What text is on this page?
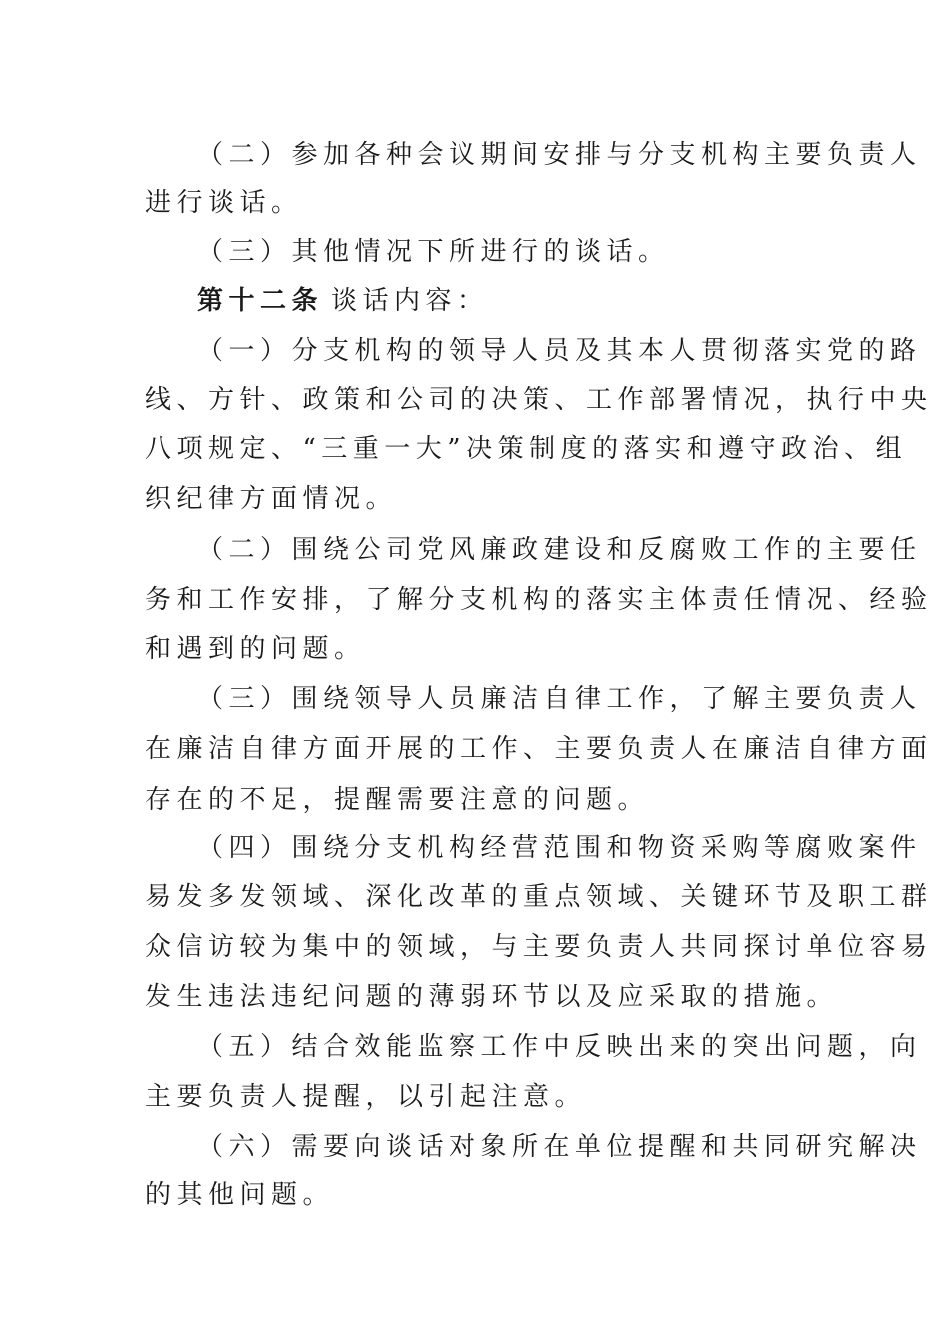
（二）参加各种会议期间安排与分支机构主要负责人
进行谈话。
（三）其他情况下所进行的谈话。
第十二条 谈话内容：
（一）分支机构的领导人员及其本人贯彻落实党的路
线、方针、政策和公司的决策、工作部署情况，执行中央
八项规定、“三重一大”决策制度的落实和遵守政治、组
织纪律方面情况。
（二）围绕公司党风廉政建设和反腐败工作的主要任
务和工作安排，了解分支机构的落实主体责任情况、经验
和遇到的问题。
（三）围绕领导人员廉洁自律工作，了解主要负责人
在廉洁自律方面开展的工作、主要负责人在廉洁自律方面
存在的不足，提醒需要注意的问题。
（四）围绕分支机构经营范围和物资采购等腐败案件
易发多发领域、深化改革的重点领域、关键环节及职工群
众信访较为集中的领域，与主要负责人共同探讨单位容易
发生违法违纪问题的薄弱环节以及应采取的措施。
（五）结合效能监察工作中反映出来的突出问题，向
主要负责人提醒，以引起注意。
（六）需要向谈话对象所在单位提醒和共同研究解决
的其他问题。
